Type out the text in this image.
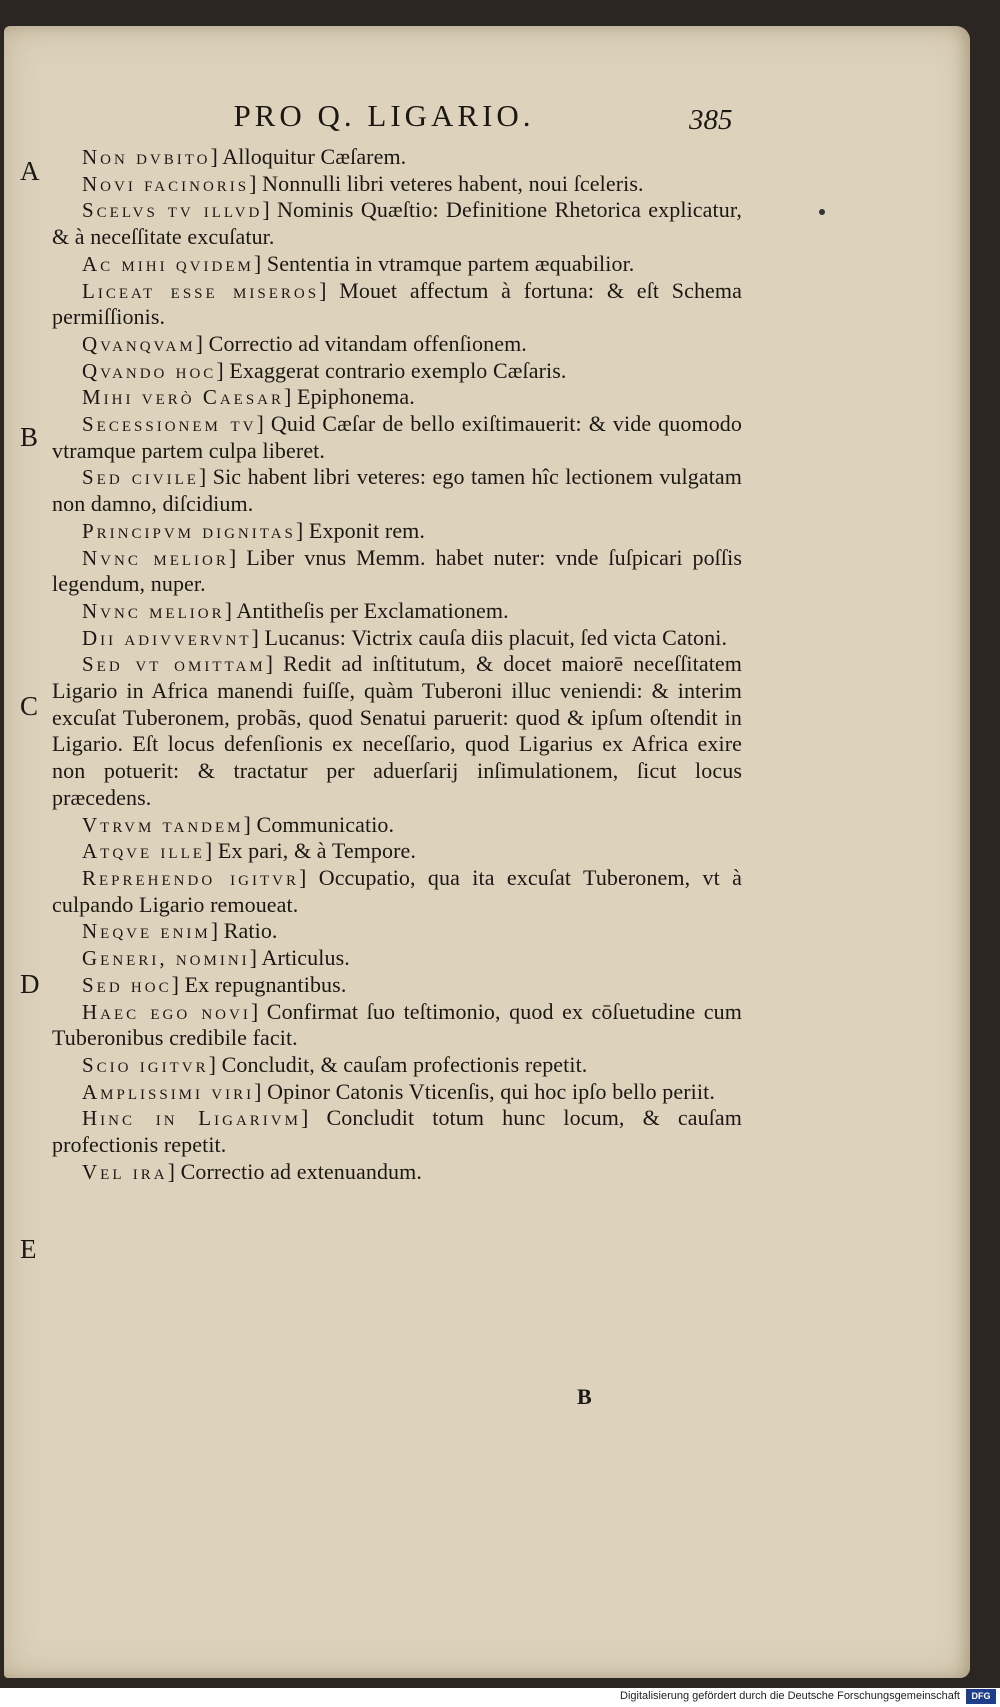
PRO Q. LIGARIO.	385
A
B
C
D
E
Non dvbito] Alloquitur Cæſarem.
Novi facinoris] Nonnulli libri veteres habent, noui ſceleris.
Scelvs tv illvd] Nominis Quæſtio: Definitione Rhetorica explicatur, & à neceſſitate excuſatur.
Ac mihi qvidem] Sententia in vtramque partem æquabilior.
Liceat esse miseros] Mouet affectum à fortuna: & eſt Schema permiſſionis.
Qvanqvam] Correctio ad vitandam offenſionem.
Qvando hoc] Exaggerat contrario exemplo Cæſaris.
Mihi verò Caesar] Epiphonema.
Secessionem tv] Quid Cæſar de bello exiſtimauerit: & vide quomodo vtramque partem culpa liberet.
Sed civile] Sic habent libri veteres: ego tamen hîc lectionem vulgatam non damno, diſcidium.
Principvm dignitas] Exponit rem.
Nvnc melior] Liber vnus Memm. habet nuter: vnde ſuſpicari poſſis legendum, nuper.
Nvnc melior] Antitheſis per Exclamationem.
Dii adivvervnt] Lucanus: Victrix cauſa diis placuit, ſed victa Catoni.
Sed vt omittam] Redit ad inſtitutum, & docet maiorē neceſſitatem Ligario in Africa manendi fuiſſe, quàm Tuberoni illuc veniendi: & interim excuſat Tuberonem, probãs, quod Senatui paruerit: quod & ipſum oſtendit in Ligario. Eſt locus defenſionis ex neceſſario, quod Ligarius ex Africa exire non potuerit: & tractatur per aduerſarij inſimulationem, ſicut locus præcedens.
Vtrvm tandem] Communicatio.
Atqve ille] Ex pari, & à Tempore.
Reprehendo igitvr] Occupatio, qua ita excuſat Tuberonem, vt à culpando Ligario remoueat.
Neqve enim] Ratio.
Generi, nomini] Articulus.
Sed hoc] Ex repugnantibus.
Haec ego novi] Confirmat ſuo teſtimonio, quod ex cōſuetudine cum Tuberonibus credibile facit.
Scio igitvr] Concludit, & cauſam profectionis repetit.
Amplissimi viri] Opinor Catonis Vticenſis, qui hoc ipſo bello periit.
Hinc in Ligarivm] Concludit totum hunc locum, & cauſam profectionis repetit.
Vel ira] Correctio ad extenuandum.
B
Digitalisierung gefördert durch die Deutsche Forschungsgemeinschaft	DFG
